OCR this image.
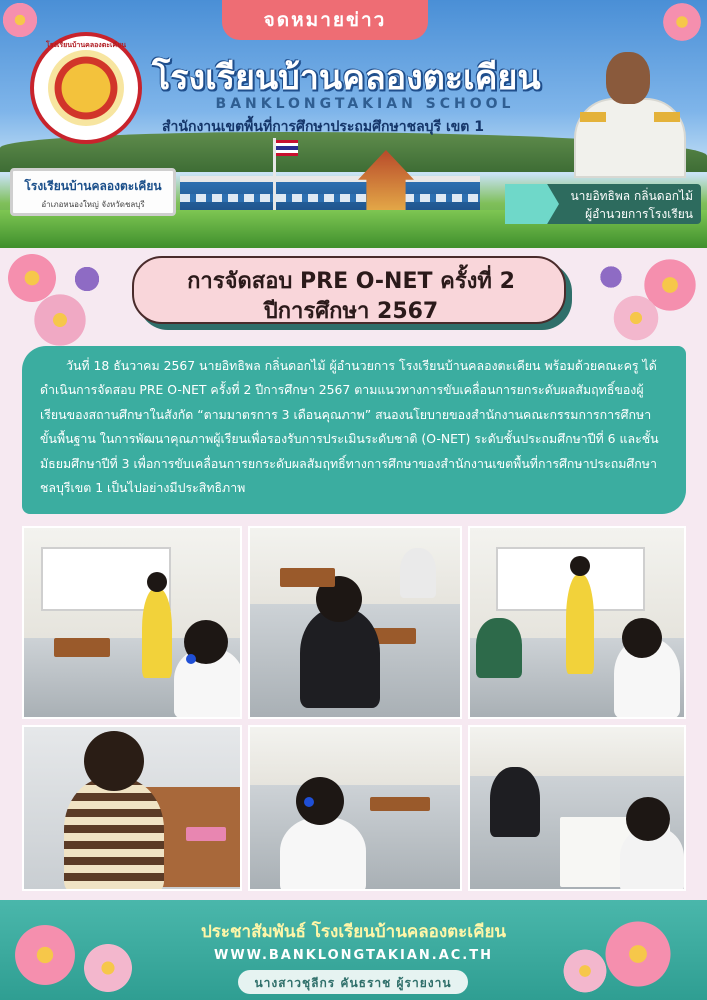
โรงเรียนบ้านคลองตะเคียน
อำเภอหนองใหญ่ จังหวัดชลบุรี
จดหมายข่าว
โรงเรียนบ้านคลองตะเคียน
โรงเรียนบ้านคลองตะเคียน
BANKLONGTAKIAN SCHOOL
สำนักงานเขตพื้นที่การศึกษาประถมศึกษาชลบุรี เขต 1
นายอิทธิพล กลิ่นดอกไม้
ผู้อำนวยการโรงเรียน
การจัดสอบ PRE O-NET ครั้งที่ 2
ปีการศึกษา 2567

วันที่ 18 ธันวาคม 2567 นายอิทธิพล กลิ่นดอกไม้ ผู้อำนวยการ โรงเรียนบ้านคลองตะเคียน พร้อมด้วยคณะครู ได้ดำเนินการจัดสอบ PRE O-NET ครั้งที่ 2 ปีการศึกษา 2567 ตามแนวทางการขับเคลื่อนการยกระดับผลสัมฤทธิ์ของผู้เรียนของสถานศึกษาในสังกัด “ตามมาตรการ 3 เดือนคุณภาพ” สนองนโยบายของสำนักงานคณะกรรมการการศึกษาขั้นพื้นฐาน ในการพัฒนาคุณภาพผู้เรียนเพื่อรองรับการประเมินระดับชาติ (O-NET) ระดับชั้นประถมศึกษาปีที่ 6 และชั้นมัธยมศึกษาปีที่ 3 เพื่อการขับเคลื่อนการยกระดับผลสัมฤทธิ์ทางการศึกษาของสำนักงานเขตพื้นที่การศึกษาประถมศึกษาชลบุรีเขต 1 เป็นไปอย่างมีประสิทธิภาพ

ประชาสัมพันธ์ โรงเรียนบ้านคลองตะเคียน
WWW.BANKLONGTAKIAN.AC.TH
นางสาวชุลีกร คันธราช ผู้รายงาน
